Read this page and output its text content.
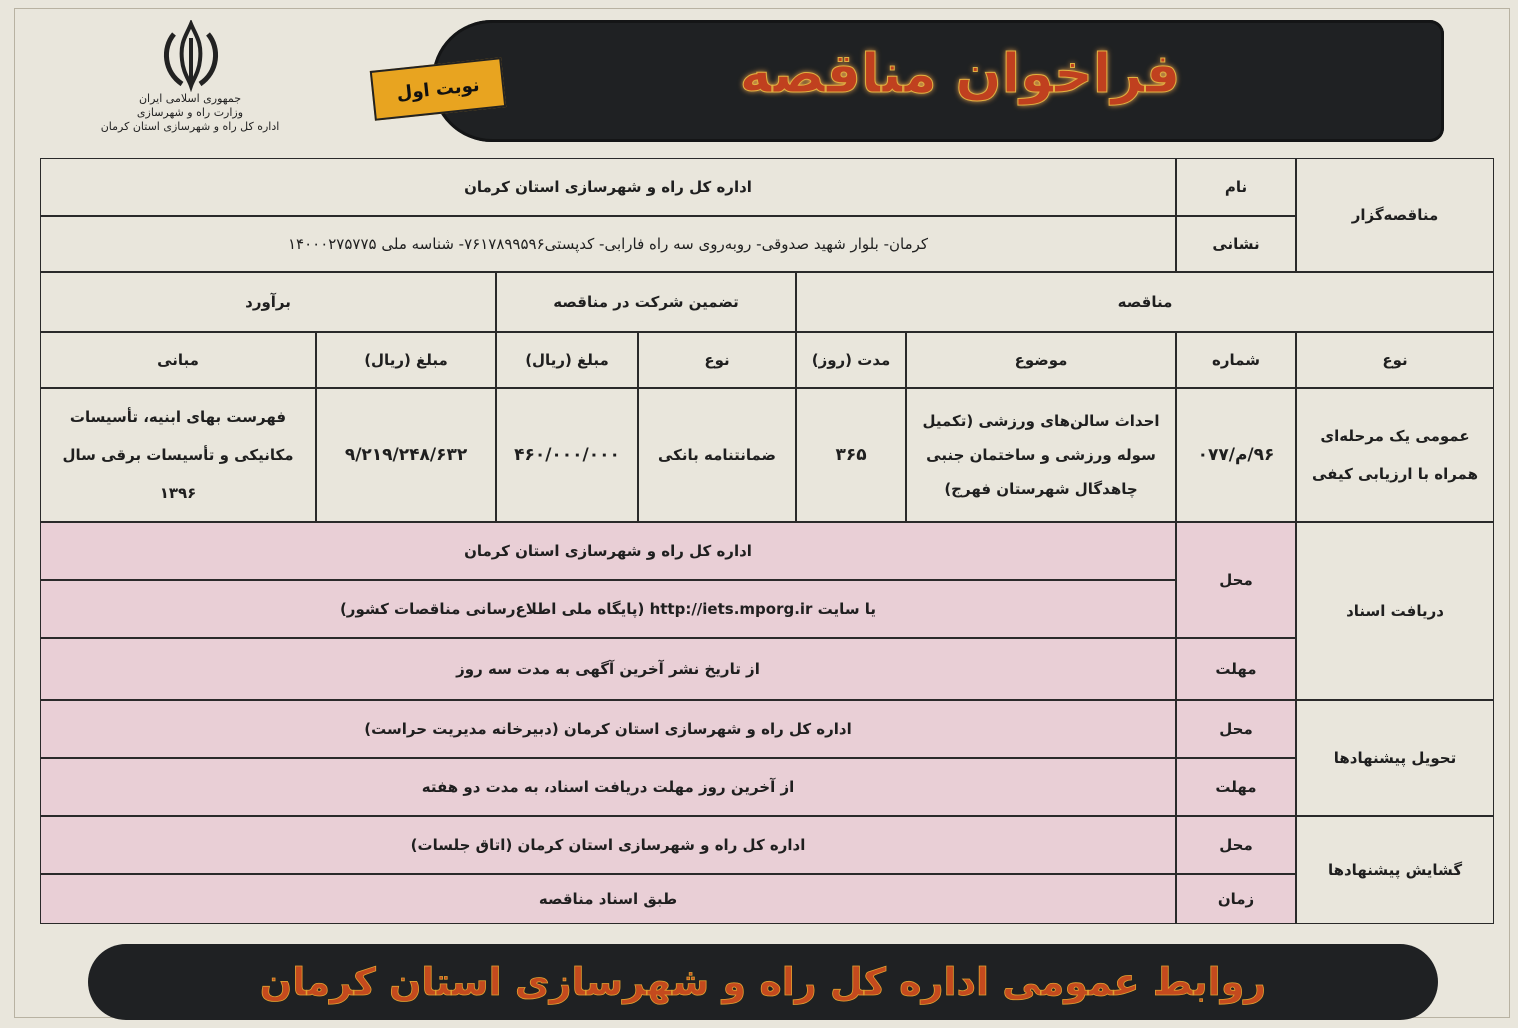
جمهوری اسلامی ایران
وزارت راه و شهرسازی
اداره کل راه و شهرسازی استان کرمان
فراخوان مناقصه
نوبت اول
مناقصه‌گزار
نام
اداره کل راه و شهرسازی استان کرمان
نشانی
کرمان- بلوار شهید صدوقی- روبه‌روی سه راه فارابی- کدپستی۷۶۱۷۸۹۹۵۹۶- شناسه ملی ۱۴۰۰۰۲۷۵۷۷۵
مناقصه
تضمین شرکت در مناقصه
برآورد
نوع
شماره
موضوع
مدت (روز)
نوع
مبلغ (ریال)
مبلغ (ریال)
مبانی
عمومی یک مرحله‌ای همراه با ارزیابی کیفی
۹۶/م/۰۷۷
احداث سالن‌های ورزشی (تکمیل سوله ورزشی و ساختمان جنبی چاهدگال شهرستان فهرج)
۳۶۵
ضمانتنامه بانکی
۴۶۰/۰۰۰/۰۰۰
۹/۲۱۹/۲۴۸/۶۳۲
فهرست بهای ابنیه، تأسیسات مکانیکی و تأسیسات برقی سال ۱۳۹۶
دریافت اسناد
محل
اداره کل راه و شهرسازی استان کرمان
یا سایت http://iets.mporg.ir (پایگاه ملی اطلاع‌رسانی مناقصات کشور)
مهلت
از تاریخ نشر آخرین آگهی به مدت سه روز
تحویل پیشنهادها
محل
اداره کل راه و شهرسازی استان کرمان (دبیرخانه مدیریت حراست)
مهلت
از آخرین روز مهلت دریافت اسناد، به مدت دو هفته
گشایش پیشنهادها
محل
اداره کل راه و شهرسازی استان کرمان (اتاق جلسات)
زمان
طبق اسناد مناقصه
روابط عمومی اداره کل راه و شهرسازی استان کرمان
